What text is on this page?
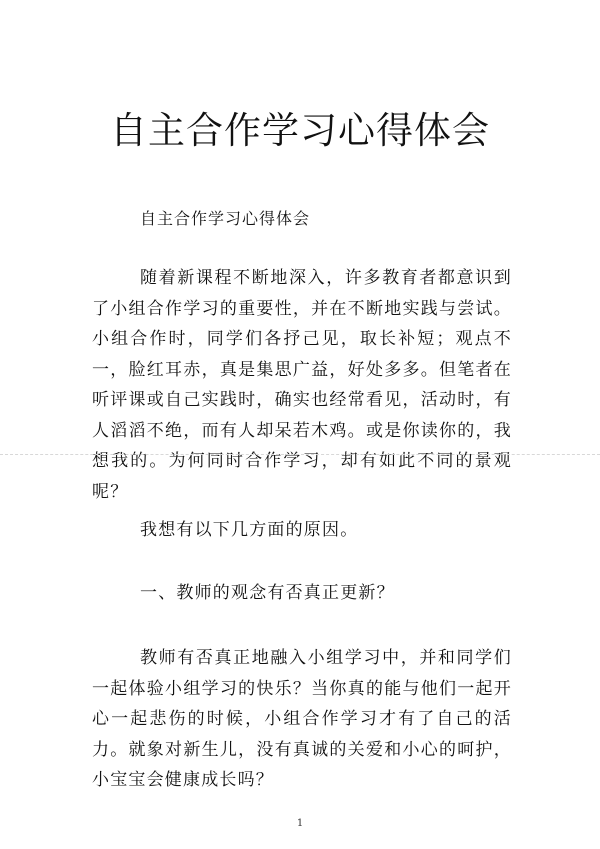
自主合作学习心得体会
自主合作学习心得体会
随着新课程不断地深入，许多教育者都意识到了小组合作学习的重要性，并在不断地实践与尝试。小组合作时，同学们各抒己见，取长补短；观点不一，脸红耳赤，真是集思广益，好处多多。但笔者在听评课或自己实践时，确实也经常看见，活动时，有人滔滔不绝，而有人却呆若木鸡。或是你读你的，我想我的。为何同时合作学习，却有如此不同的景观呢？
我想有以下几方面的原因。
一、教师的观念有否真正更新？
教师有否真正地融入小组学习中，并和同学们一起体验小组学习的快乐？当你真的能与他们一起开心一起悲伤的时候，小组合作学习才有了自己的活力。就象对新生儿，没有真诚的关爱和小心的呵护，小宝宝会健康成长吗？
1
